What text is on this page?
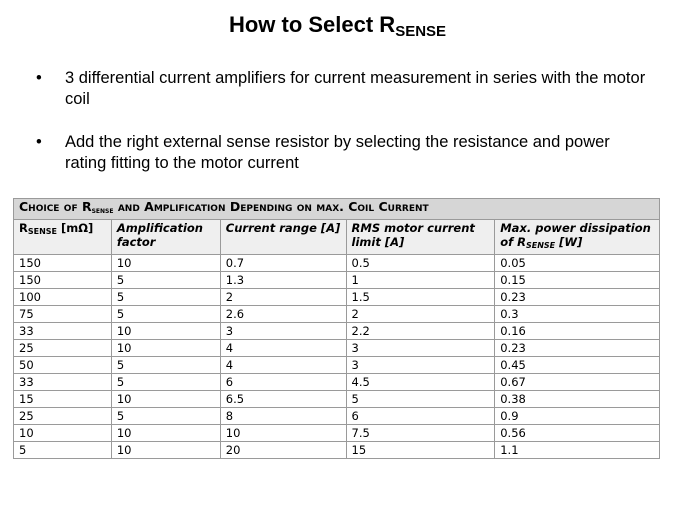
How to Select $R_{SENSE}$
• 3 differential current amplifiers for current measurement in series with the motor coil
• Add the right external sense resistor by selecting the resistance and power rating fitting to the motor current
Choice of $R_{sense}$ and Amplification Depending on max. Coil Current				
$R_{SENSE}$ [mΩ]	Amplification factor	Current range [A]	RMS motor current limit [A]	Max. power dissipation of $R_{SENSE}$ [W]
150	10	0.7	0.5	0.05
150	5	1.3	1	0.15
100	5	2	1.5	0.23
75	5	2.6	2	0.3
33	10	3	2.2	0.16
25	10	4	3	0.23
50	5	4	3	0.45
33	5	6	4.5	0.67
15	10	6.5	5	0.38
25	5	8	6	0.9
10	10	10	7.5	0.56
5	10	20	15	1.1
